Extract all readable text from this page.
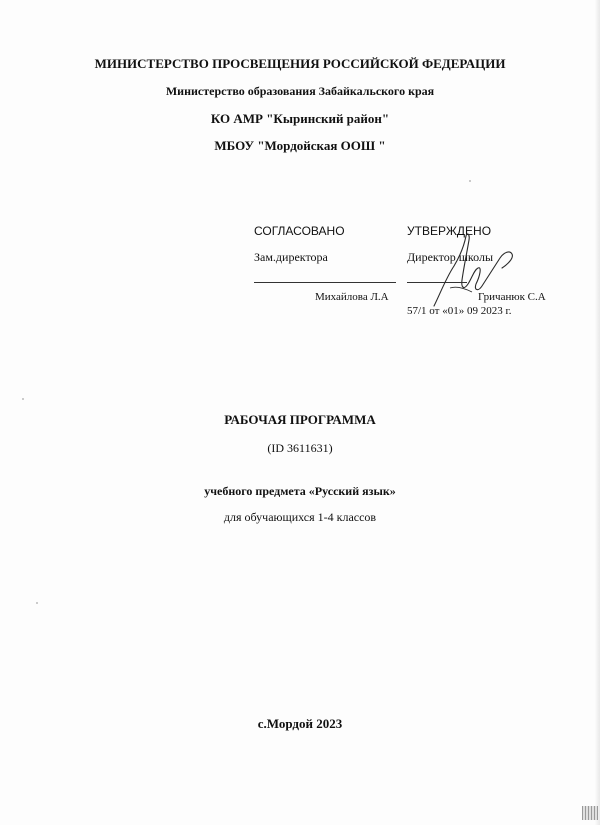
МИНИСТЕРСТВО ПРОСВЕЩЕНИЯ РОССИЙСКОЙ ФЕДЕРАЦИИ
Министерство образования Забайкальского края
КО АМР "Кыринский район"
МБОУ "Мордойская ООШ "
СОГЛАСОВАНО
Зам.директора
Михайлова Л.А
УТВЕРЖДЕНО
Директор школы
Гричанюк С.А
57/1 от «01» 09 2023 г.
РАБОЧАЯ ПРОГРАММА
(ID 3611631)
учебного предмета «Русский язык»
для обучающихся 1-4 классов
с.Мордой 2023
